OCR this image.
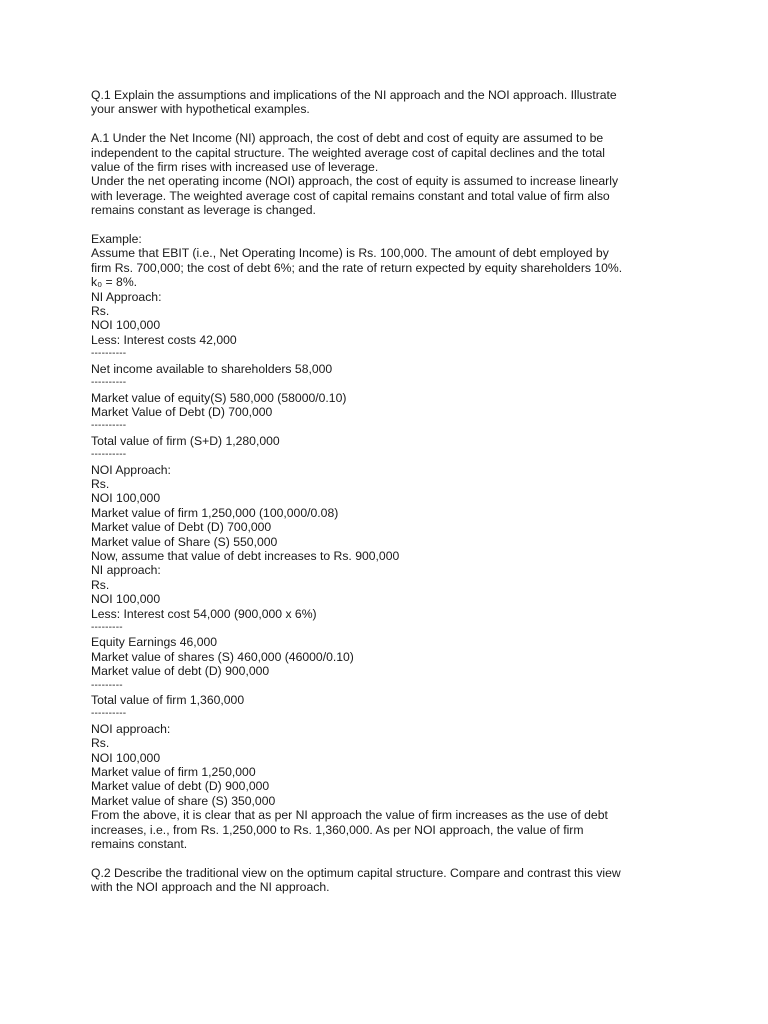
Q.1 Explain the assumptions and implications of the NI approach and the NOI approach. Illustrate
your answer with hypothetical examples.
A.1 Under the Net Income (NI) approach, the cost of debt and cost of equity are assumed to be
independent to the capital structure. The weighted average cost of capital declines and the total
value of the firm rises with increased use of leverage.
Under the net operating income (NOI) approach, the cost of equity is assumed to increase linearly
with leverage. The weighted average cost of capital remains constant and total value of firm also
remains constant as leverage is changed.
Example:
Assume that EBIT (i.e., Net Operating Income) is Rs. 100,000. The amount of debt employed by
firm Rs. 700,000; the cost of debt 6%; and the rate of return expected by equity shareholders 10%.
k₀ = 8%.
NI Approach:
Rs.
NOI 100,000
Less: Interest costs 42,000
----------
Net income available to shareholders 58,000
----------
Market value of equity(S) 580,000 (58000/0.10)
Market Value of Debt (D) 700,000
----------
Total value of firm (S+D) 1,280,000
----------
NOI Approach:
Rs.
NOI 100,000
Market value of firm 1,250,000 (100,000/0.08)
Market value of Debt (D) 700,000
Market value of Share (S) 550,000
Now, assume that value of debt increases to Rs. 900,000
NI approach:
Rs.
NOI 100,000
Less: Interest cost 54,000 (900,000 x 6%)
---------
Equity Earnings 46,000
Market value of shares (S) 460,000 (46000/0.10)
Market value of debt (D) 900,000
---------
Total value of firm 1,360,000
----------
NOI approach:
Rs.
NOI 100,000
Market value of firm 1,250,000
Market value of debt (D) 900,000
Market value of share (S) 350,000
From the above, it is clear that as per NI approach the value of firm increases as the use of debt
increases, i.e., from Rs. 1,250,000 to Rs. 1,360,000. As per NOI approach, the value of firm
remains constant.
Q.2 Describe the traditional view on the optimum capital structure. Compare and contrast this view
with the NOI approach and the NI approach.
